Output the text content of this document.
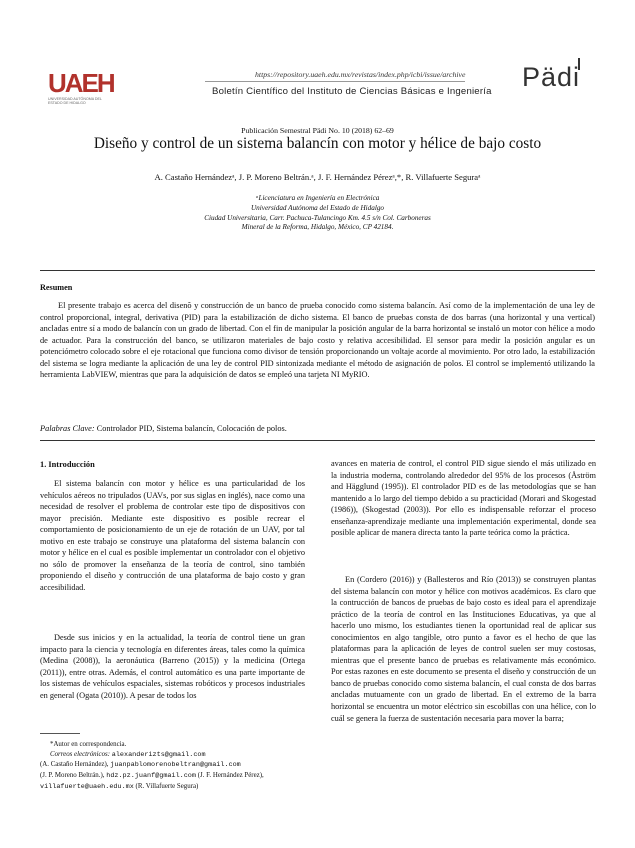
UAEH
UNIVERSIDAD AUTÓNOMA DEL ESTADO DE HIDALGO
https://repository.uaeh.edu.mx/revistas/index.php/icbi/issue/archive
Boletín Científico del Instituto de Ciencias Básicas e Ingeniería Pädi
Publicación Semestral Pädi No. 10 (2018) 62–69
Diseño y control de un sistema balancín con motor y hélice de bajo costo
A. Castaño Hernándezᵃ, J. P. Moreno Beltrán.ᵃ, J. F. Hernández Pérezᵃ,*, R. Villafuerte Seguraᵃ
ᵃLicenciatura en Ingeniería en Electrónica
Universidad Autónoma del Estado de Hidalgo
Ciudad Universitaria, Carr. Pachuca-Tulancingo Km. 4.5 s/n Col. Carboneras
Mineral de la Reforma, Hidalgo, México, CP 42184.
Resumen

El presente trabajo es acerca del disenõ y construcción de un banco de prueba conocido como sistema balancín. Así como de la implementación de una ley de control proporcional, integral, derivativa (PID) para la estabilización de dicho sistema. El banco de pruebas consta de dos barras (una horizontal y una vertical) ancladas entre sí a modo de balancín con un grado de libertad. Con el fin de manipular la posición angular de la barra horizontal se instaló un motor con hélice a modo de actuador. Para la construcción del banco, se utilizaron materiales de bajo costo y relativa accesibilidad. El sensor para medir la posición angular es un potenciómetro colocado sobre el eje rotacional que funciona como divisor de tensión proporcionando un voltaje acorde al movimiento. Por otro lado, la estabilización del sistema se logra mediante la aplicación de una ley de control PID sintonizada mediante el método de asignación de polos. El control se implementó utilizando la herramienta LabVIEW, mientras que para la adquisición de datos se empleó una tarjeta NI MyRIO.

Palabras Clave: Controlador PID, Sistema balancín, Colocación de polos.
1. Introducción

El sistema balancín con motor y hélice es una particularidad de los vehículos aéreos no tripulados (UAVs, por sus siglas en inglés), nace como una necesidad de resolver el problema de controlar este tipo de dispositivos con mayor precisión. Mediante este dispositivo es posible recrear el comportamiento de posicionamiento de un eje de rotación de un UAV, por tal motivo en este trabajo se construye una plataforma del sistema balancín con motor y hélice en el cual es posible implementar un controlador con el objetivo no sólo de promover la enseñanza de la teoría de control, sino también proponiendo el diseño y contrucción de una plataforma de bajo costo y gran accesibilidad.

Desde sus inicios y en la actualidad, la teoría de control tiene un gran impacto para la ciencia y tecnología en diferentes áreas, tales como la química (Medina (2008)), la aeronáutica (Barreno (2015)) y la medicina (Ortega (2011)), entre otras. Además, el control automático es una parte importante de los sistemas de vehículos espaciales, sistemas robóticos y procesos industriales en general (Ogata (2010)). A pesar de todos los

avances en materia de control, el control PID sigue siendo el más utilizado en la industria moderna, controlando alrededor del 95% de los procesos (Åström and Hägglund (1995)). El controlador PID es de las metodologías que se han mantenido a lo largo del tiempo debido a su practicidad (Morari and Skogestad (1986)), (Skogestad (2003)). Por ello es indispensable reforzar el proceso enseñanza-aprendizaje mediante una implementación experimental, donde sea posible aplicar de manera directa tanto la parte teórica como la práctica.

En (Cordero (2016)) y (Ballesteros and Río (2013)) se construyen plantas del sistema balancín con motor y hélice con motivos académicos. Es claro que la contrucción de bancos de pruebas de bajo costo es ideal para el aprendizaje práctico de la teoría de control en las Instituciones Educativas, ya que al hacerlo uno mismo, los estudiantes tienen la oportunidad real de aplicar sus conocimientos en algo tangible, otro punto a favor es el hecho de que las plataformas para la aplicación de leyes de control suelen ser muy costosas, mientras que el presente banco de pruebas es relativamente más económico. Por estas razones en este documento se presenta el diseño y construcción de un banco de pruebas conocido como sistema balancín, el cual consta de dos barras ancladas mutuamente con un grado de libertad. En el extremo de la barra horizontal se encuentra un motor eléctrico sin escobillas con una hélice, con lo cuál se genera la fuerza de sustentación necesaria para mover la barra;

*Autor en correspondencia.
Correos electrónicos: alexanderizts@gmail.com
(A. Castaño Hernández), juanpablomorenobeltran@gmail.com
(J. P. Moreno Beltrán.), hdz.pz.juanf@gmail.com (J. F. Hernández Pérez),
villafuerte@uaeh.edu.mx (R. Villafuerte Segura)
